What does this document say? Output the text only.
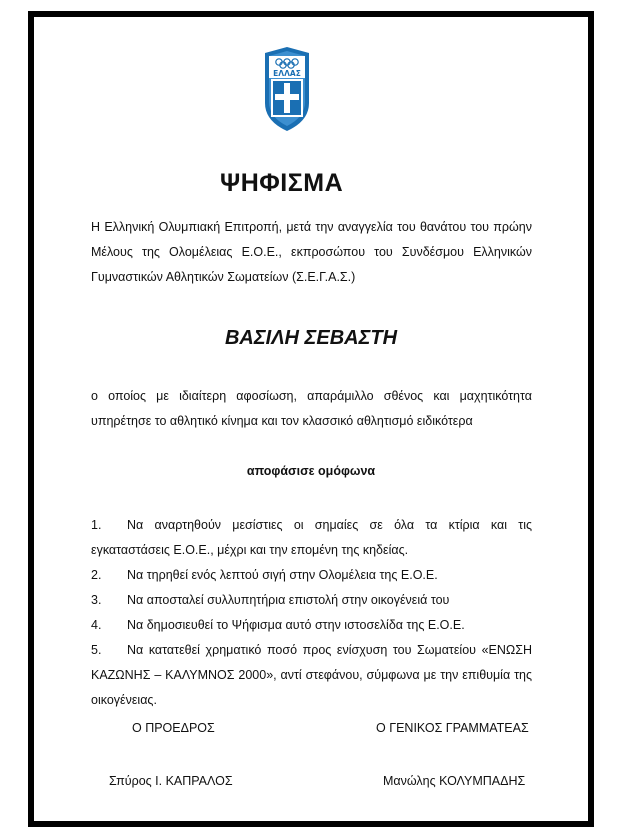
ΕΛΛΑΣ
ΨΗΦΙΣΜΑ
Η Ελληνική Ολυμπιακή Επιτροπή, μετά την αναγγελία του θανάτου του πρώην Μέλους της Ολομέλειας Ε.Ο.Ε., εκπροσώπου του Συνδέσμου Ελληνικών Γυμναστικών Αθλητικών Σωματείων (Σ.Ε.Γ.Α.Σ.)
ΒΑΣΙΛΗ ΣΕΒΑΣΤΗ
ο οποίος με ιδιαίτερη αφοσίωση, απαράμιλλο σθένος και μαχητικότητα υπηρέτησε το αθλητικό κίνημα και τον κλασσικό αθλητισμό ειδικότερα
αποφάσισε ομόφωνα
1.	Να αναρτηθούν μεσίστιες οι σημαίες σε όλα τα κτίρια και τις εγκαταστάσεις Ε.Ο.Ε., μέχρι και την επομένη της κηδείας.
2.	Να τηρηθεί ενός λεπτού σιγή στην Ολομέλεια της Ε.Ο.Ε.
3.	Να αποσταλεί συλλυπητήρια επιστολή στην οικογένειά του
4.	Να δημοσιευθεί το Ψήφισμα αυτό στην ιστοσελίδα της Ε.Ο.Ε.
5.	Να κατατεθεί χρηματικό ποσό προς ενίσχυση του Σωματείου «ΕΝΩΣΗ ΚΑΖΩΝΗΣ – ΚΑΛΥΜΝΟΣ 2000», αντί στεφάνου, σύμφωνα με την επιθυμία της οικογένειας.
Ο ΠΡΟΕΔΡΟΣ	Ο ΓΕΝΙΚΟΣ ΓΡΑΜΜΑΤΕΑΣ
Σπύρος Ι. ΚΑΠΡΑΛΟΣ	Μανώλης ΚΟΛΥΜΠΑΔΗΣ
